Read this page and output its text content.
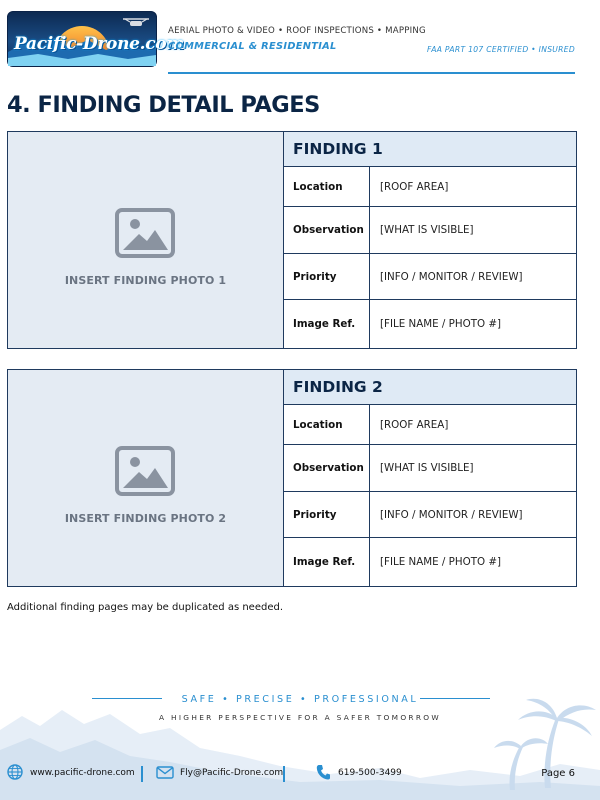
Pacific-Drone.com
AERIAL PHOTO & VIDEO • ROOF INSPECTIONS • MAPPING
COMMERCIAL & RESIDENTIAL	FAA PART 107 CERTIFIED • INSURED
4. FINDING DETAIL PAGES
INSERT FINDING PHOTO 1
FINDING 1
Location	[ROOF AREA]
Observation	[WHAT IS VISIBLE]
Priority	[INFO / MONITOR / REVIEW]
Image Ref.	[FILE NAME / PHOTO #]
INSERT FINDING PHOTO 2
FINDING 2
Location	[ROOF AREA]
Observation	[WHAT IS VISIBLE]
Priority	[INFO / MONITOR / REVIEW]
Image Ref.	[FILE NAME / PHOTO #]
Additional finding pages may be duplicated as needed.
SAFE • PRECISE • PROFESSIONAL
A HIGHER PERSPECTIVE FOR A SAFER TOMORROW
www.pacific-drone.com	Fly@Pacific-Drone.com	619-500-3499	Page 6
